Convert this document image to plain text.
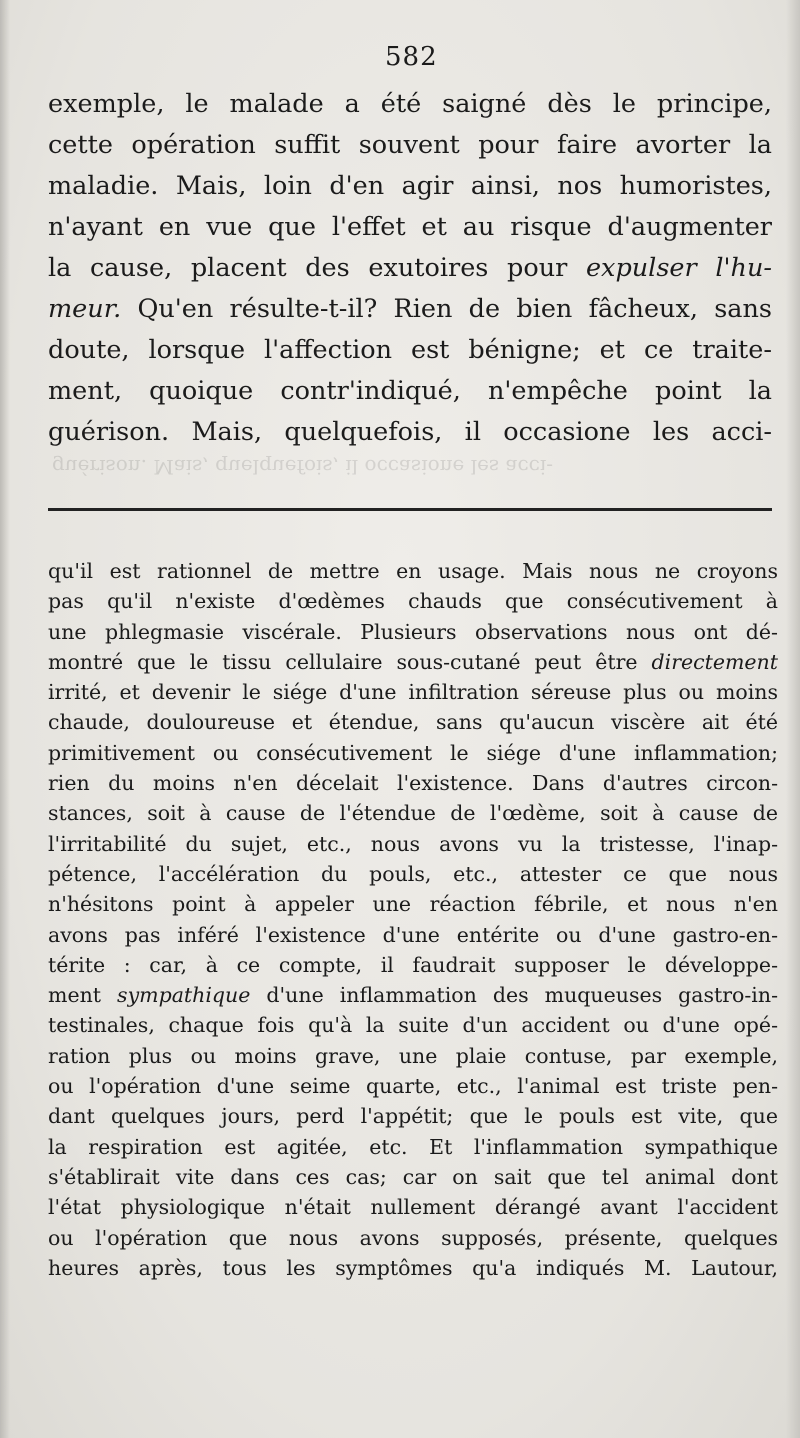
582
exemple, le malade a été saigné dès le principe,
cette opération suffit souvent pour faire avorter la
maladie. Mais, loin d'en agir ainsi, nos humoristes,
n'ayant en vue que l'effet et au risque d'augmenter
la cause, placent des exutoires pour expulser l'hu-
meur. Qu'en résulte-t-il? Rien de bien fâcheux, sans
doute, lorsque l'affection est bénigne; et ce traite-
ment, quoique contr'indiqué, n'empêche point la
guérison. Mais, quelquefois, il occasione les acci-
guérison. Mais, quelquefois, il occasione les acci-
qu'il est rationnel de mettre en usage. Mais nous ne croyons
pas qu'il n'existe d'œdèmes chauds que consécutivement à
une phlegmasie viscérale. Plusieurs observations nous ont dé-
montré que le tissu cellulaire sous-cutané peut être directement
irrité, et devenir le siége d'une infiltration séreuse plus ou moins
chaude, douloureuse et étendue, sans qu'aucun viscère ait été
primitivement ou consécutivement le siége d'une inflammation;
rien du moins n'en décelait l'existence. Dans d'autres circon-
stances, soit à cause de l'étendue de l'œdème, soit à cause de
l'irritabilité du sujet, etc., nous avons vu la tristesse, l'inap-
pétence, l'accélération du pouls, etc., attester ce que nous
n'hésitons point à appeler une réaction fébrile, et nous n'en
avons pas inféré l'existence d'une entérite ou d'une gastro-en-
térite : car, à ce compte, il faudrait supposer le développe-
ment sympathique d'une inflammation des muqueuses gastro-in-
testinales, chaque fois qu'à la suite d'un accident ou d'une opé-
ration plus ou moins grave, une plaie contuse, par exemple,
ou l'opération d'une seime quarte, etc., l'animal est triste pen-
dant quelques jours, perd l'appétit; que le pouls est vite, que
la respiration est agitée, etc. Et l'inflammation sympathique
s'établirait vite dans ces cas; car on sait que tel animal dont
l'état physiologique n'était nullement dérangé avant l'accident
ou l'opération que nous avons supposés, présente, quelques
heures après, tous les symptômes qu'a indiqués M. Lautour,
